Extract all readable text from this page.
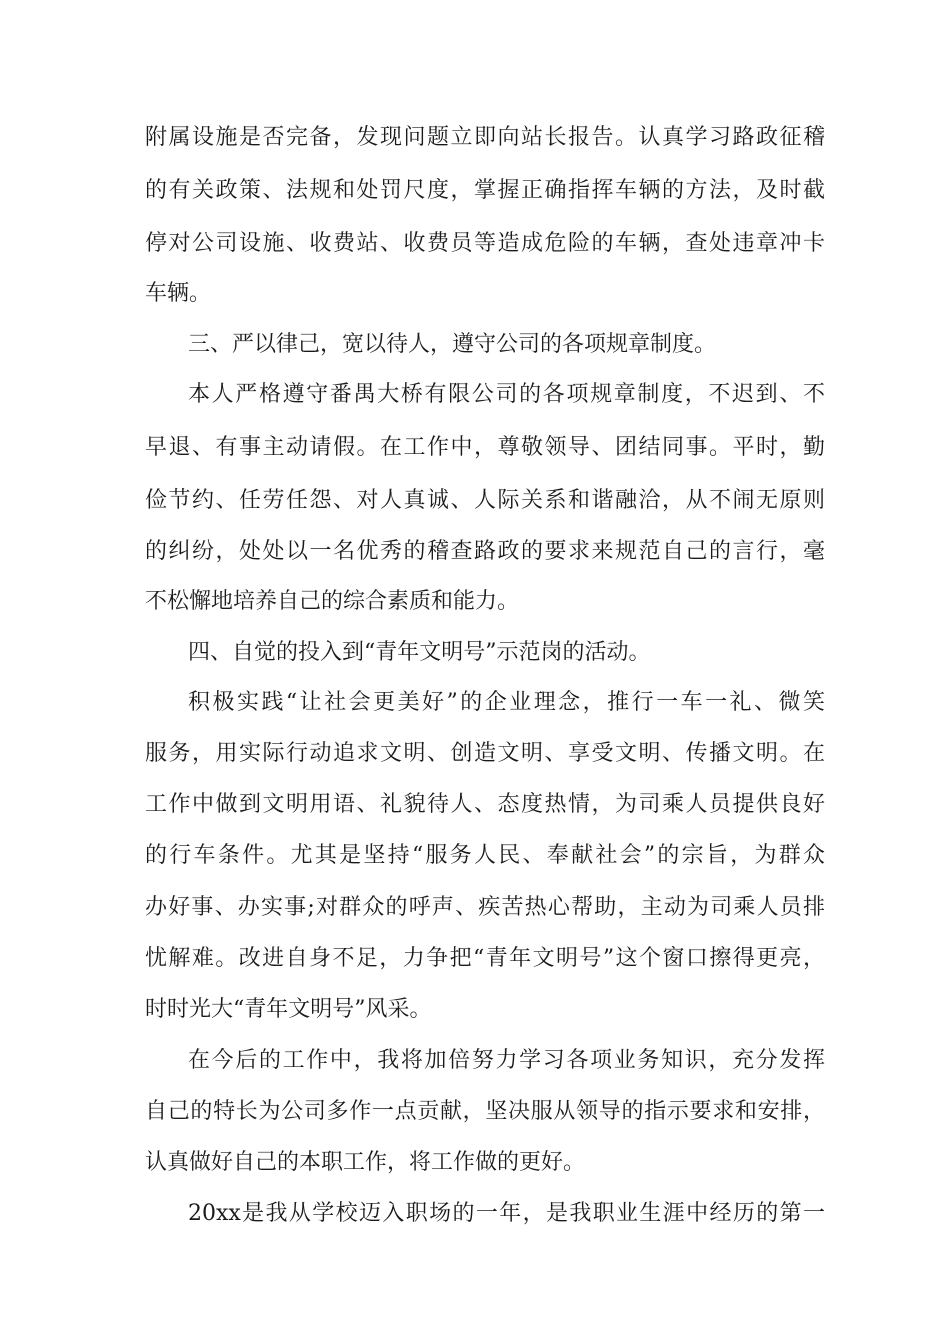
附属设施是否完备，发现问题立即向站长报告。认真学习路政征稽
的有关政策、法规和处罚尺度，掌握正确指挥车辆的方法，及时截
停对公司设施、收费站、收费员等造成危险的车辆，查处违章冲卡
车辆。
三、严以律己，宽以待人，遵守公司的各项规章制度。
本人严格遵守番禺大桥有限公司的各项规章制度，不迟到、不
早退、有事主动请假。在工作中，尊敬领导、团结同事。平时，勤
俭节约、任劳任怨、对人真诚、人际关系和谐融洽，从不闹无原则
的纠纷，处处以一名优秀的稽查路政的要求来规范自己的言行，毫
不松懈地培养自己的综合素质和能力。
四、自觉的投入到“青年文明号”示范岗的活动。
积极实践“让社会更美好”的企业理念，推行一车一礼、微笑
服务，用实际行动追求文明、创造文明、享受文明、传播文明。在
工作中做到文明用语、礼貌待人、态度热情，为司乘人员提供良好
的行车条件。尤其是坚持“服务人民、奉献社会”的宗旨，为群众
办好事、办实事;对群众的呼声、疾苦热心帮助，主动为司乘人员排
忧解难。改进自身不足，力争把“青年文明号”这个窗口擦得更亮，
时时光大“青年文明号”风采。
在今后的工作中，我将加倍努力学习各项业务知识，充分发挥
自己的特长为公司多作一点贡献，坚决服从领导的指示要求和安排，
认真做好自己的本职工作，将工作做的更好。
20xx是我从学校迈入职场的一年，是我职业生涯中经历的第一
